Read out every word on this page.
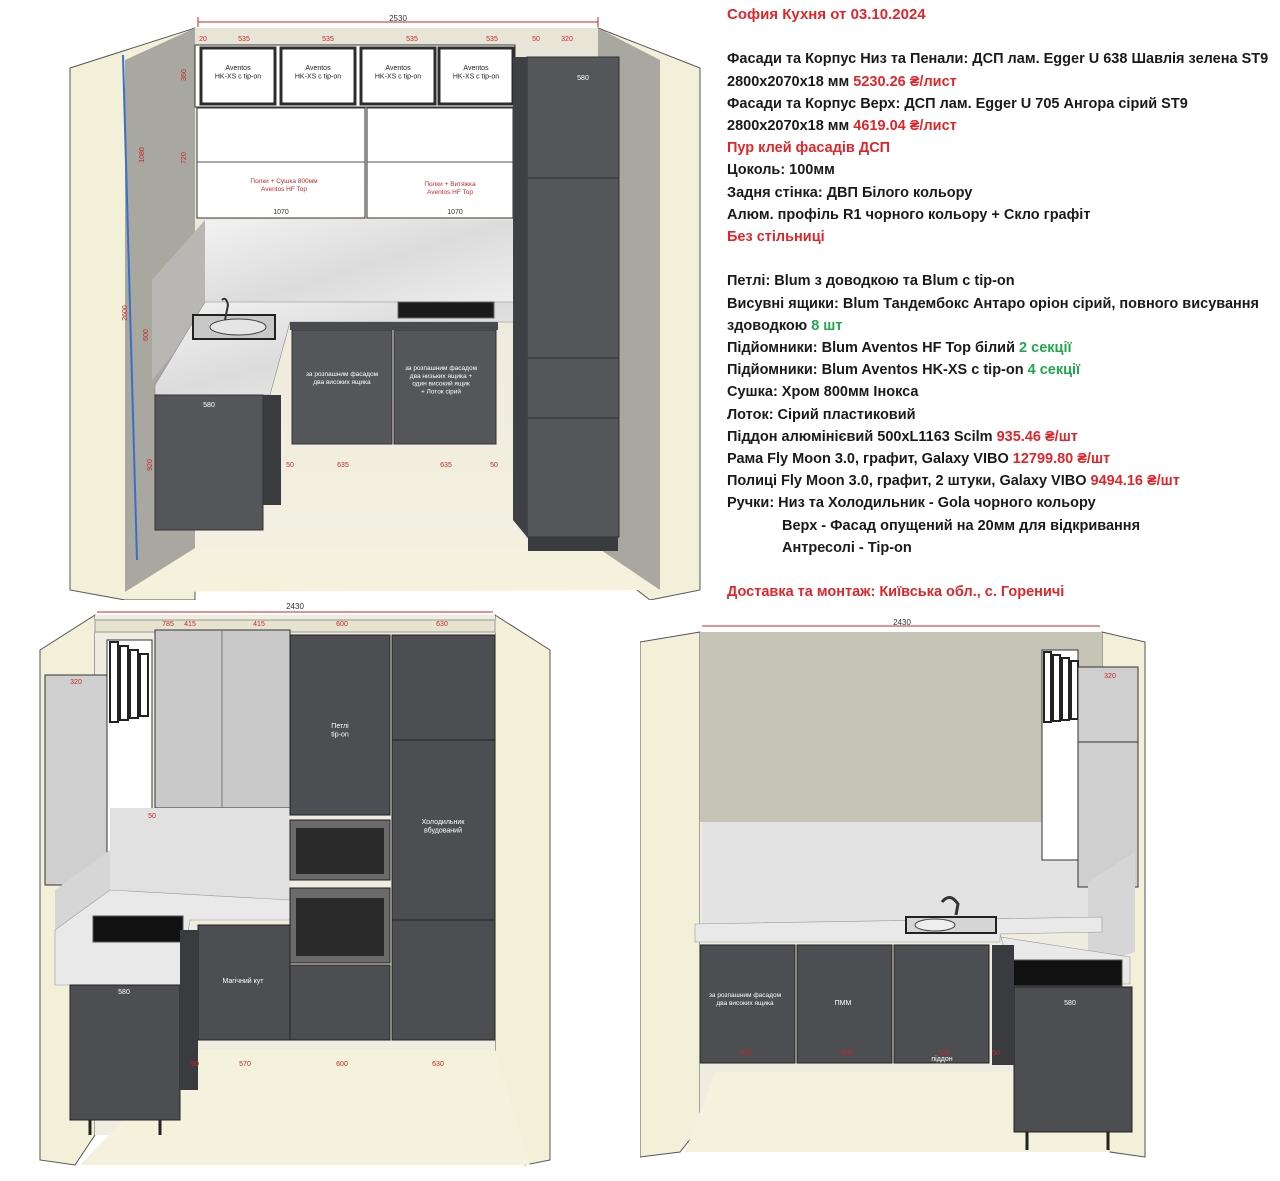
Aventos HK-XS с tip-on
Aventos HK-XS с tip-on
Aventos HK-XS с tip-on
Aventos HK-XS с tip-on
20	535	535	535	535	50	320
360
720
1080
2600
600
920	50	635	635	50
2530
1070	1070
580
580
Полки + Сушка 800мм Aventos HF Top
Полки + Витяжка Aventos HF Top
за розпашним фасадом два високих ящика
за розпашним фасадом два низьких ящика + один високий ящик + Лоток сірий
София Кухня от 03.10.2024
Фасади та Корпус Низ та Пенали: ДСП лам. Egger U 638 Шавлія зелена ST9 2800х2070х18 мм 5230.26 ₴/лист
Фасади та Корпус Верх: ДСП лам. Egger U 705 Ангора сірий ST9 2800х2070х18 мм 4619.04 ₴/лист
Пур клей фасадів ДСП
Цоколь: 100мм
Задня стінка: ДВП Білого кольору
Алюм. профіль R1 чорного кольору + Скло графіт
Без стільниці
Петлі: Blum з доводкою та Blum с tip-on
Висувні ящики: Blum Тандембокс Антаро оріон сірий, повного висування здоводкою 8 шт
Підйомники: Blum Aventos HF Top білий 2 секції
Підйомники: Blum Aventos HK-XS с tip-on 4 секції
Сушка: Хром 800мм Інокса
Лоток: Сірий пластиковий
Піддон алюмінієвий 500xL1163 Scilm 935.46 ₴/шт
Рама Fly Moon 3.0, графит, Galaxy VIBO 12799.80 ₴/шт
Полиці Fly Moon 3.0, графит, 2 штуки, Galaxy VIBO 9494.16 ₴/шт
Ручки: Низ та Холодильник - Gola чорного кольору
Верх - Фасад опущений на 20мм для відкривання
Антресолі - Tip-on
Доставка та монтаж: Київська обл., с. Гореничі
785 415	415	600	630
Петлі tip-on
Холодильник вбудований
Магічний кут
50	570	600	630
2430
320
50
580	за розпашним фасадом два високих ящика	ПММ
піддон
600	600	600	50
2430
320
580
